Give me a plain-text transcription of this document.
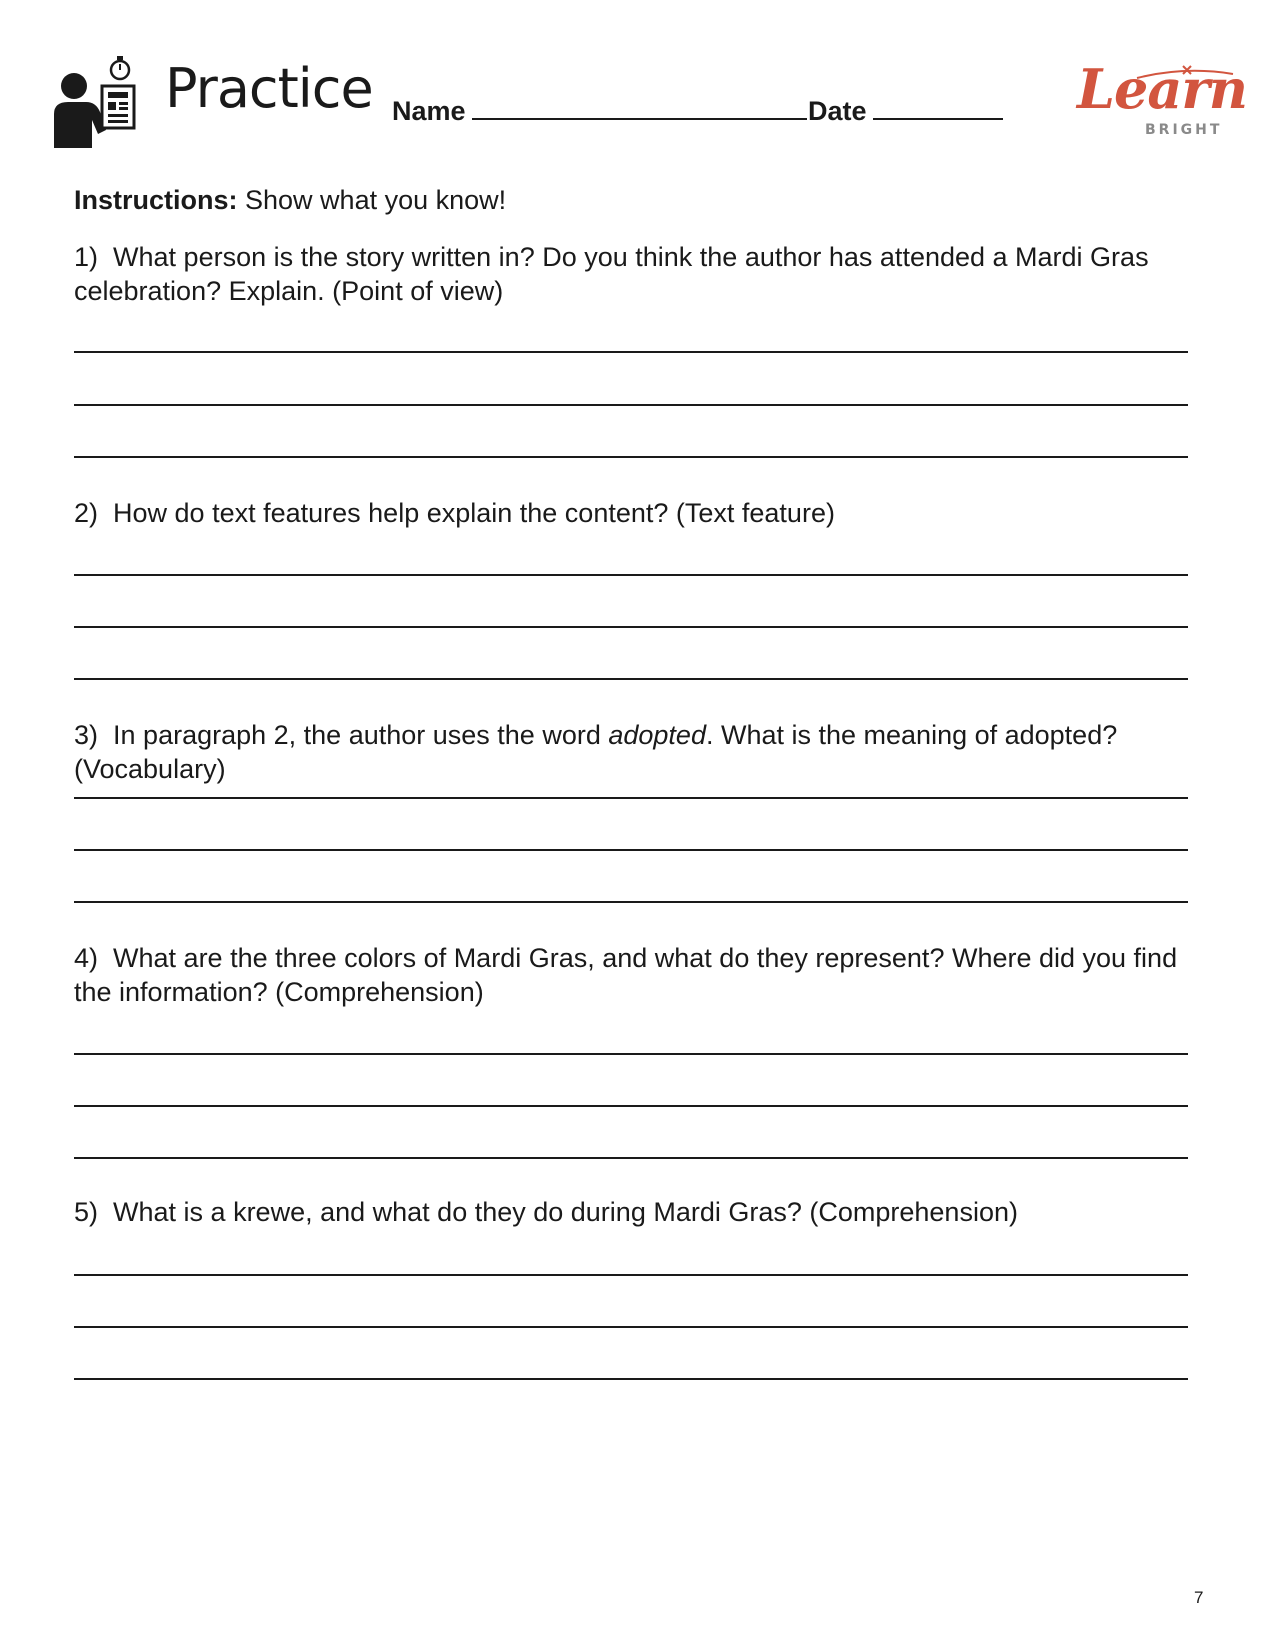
Practice Name	Date	Learn
BRIGHT
Instructions: Show what you know!
1) What person is the story written in? Do you think the author has attended a Mardi Gras celebration? Explain. (Point of view)
2) How do text features help explain the content? (Text feature)
3) In paragraph 2, the author uses the word adopted. What is the meaning of adopted? (Vocabulary)
4) What are the three colors of Mardi Gras, and what do they represent? Where did you find the information? (Comprehension)
5) What is a krewe, and what do they do during Mardi Gras? (Comprehension)
7
